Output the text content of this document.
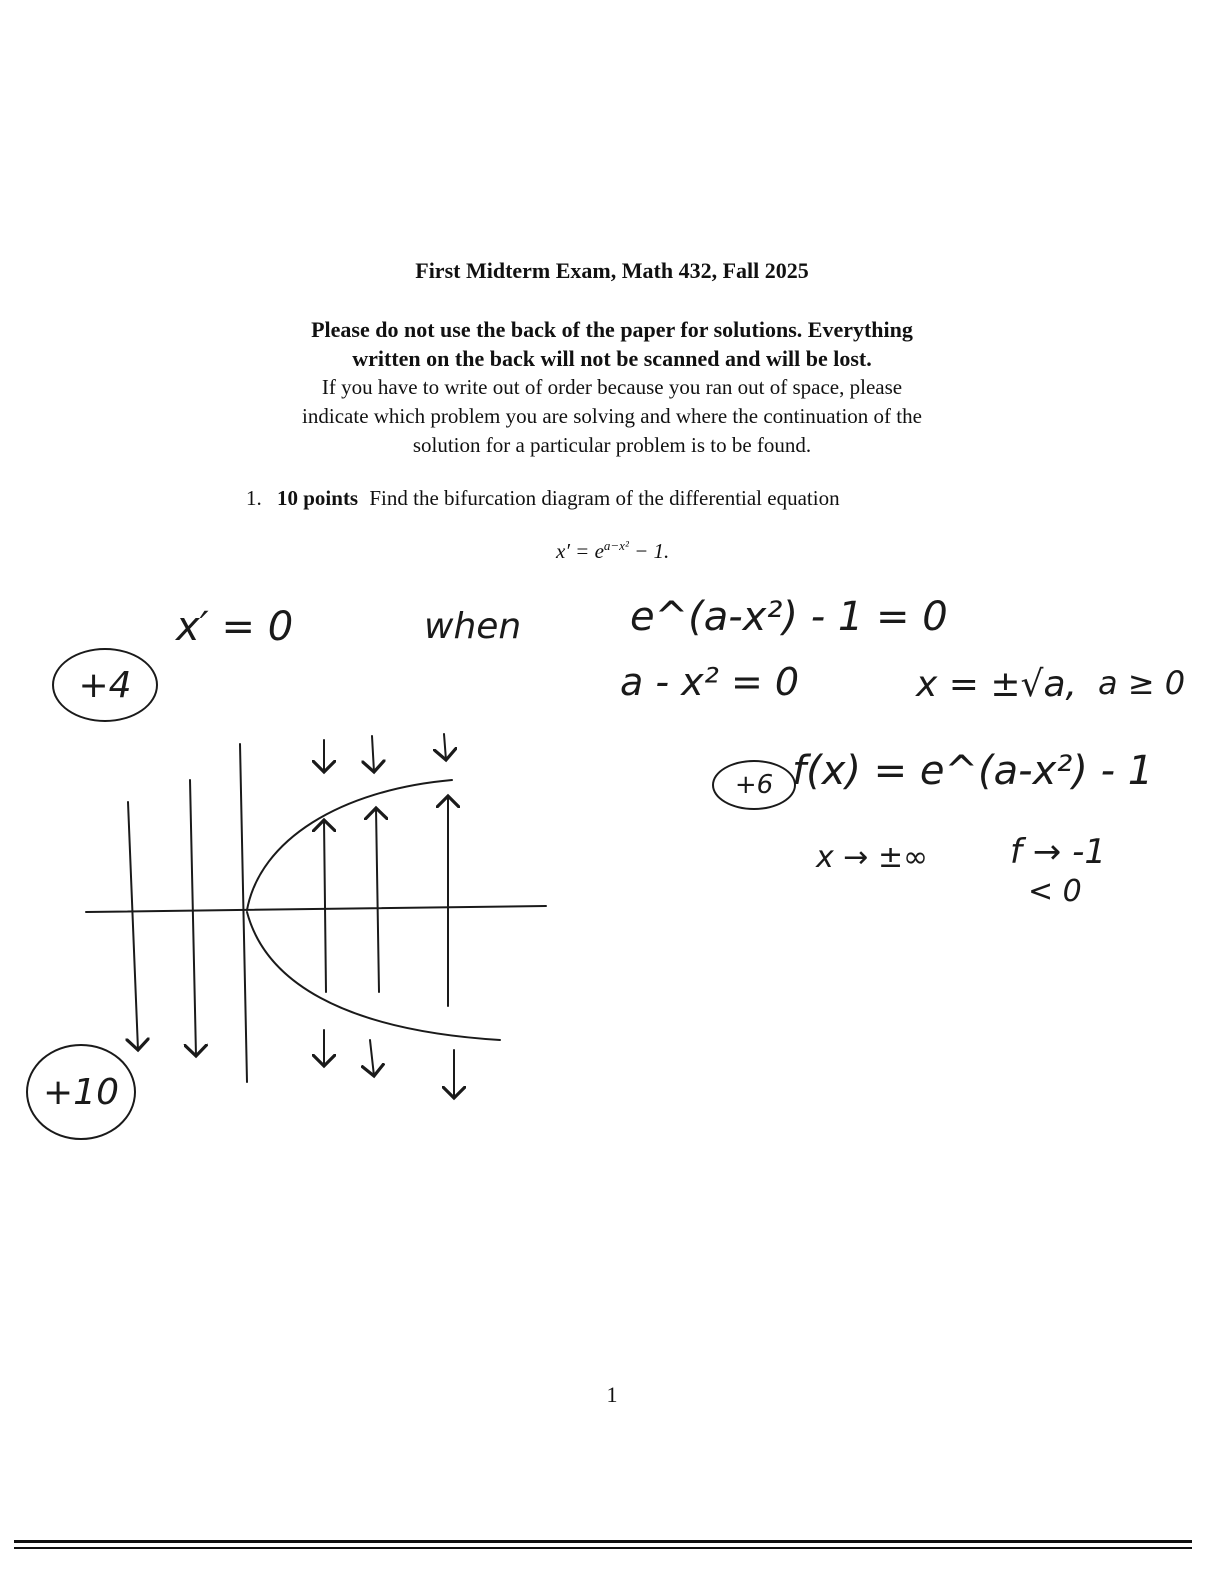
First Midterm Exam, Math 432, Fall 2025
Please do not use the back of the paper for solutions. Everything
written on the back will not be scanned and will be lost.
If you have to write out of order because you ran out of space, please
indicate which problem you are solving and where the continuation of the
solution for a particular problem is to be found.
1. 10 points Find the bifurcation diagram of the differential equation
$x' = e^{a-x^2} - 1$.
x′ = 0	when	e^(a-x²) - 1 = 0
a - x² = 0	x = ±√a, a ≥ 0
f(x) = e^(a-x²) - 1
x → ±∞ f → -1
< 0
+4
+6
+10
1
